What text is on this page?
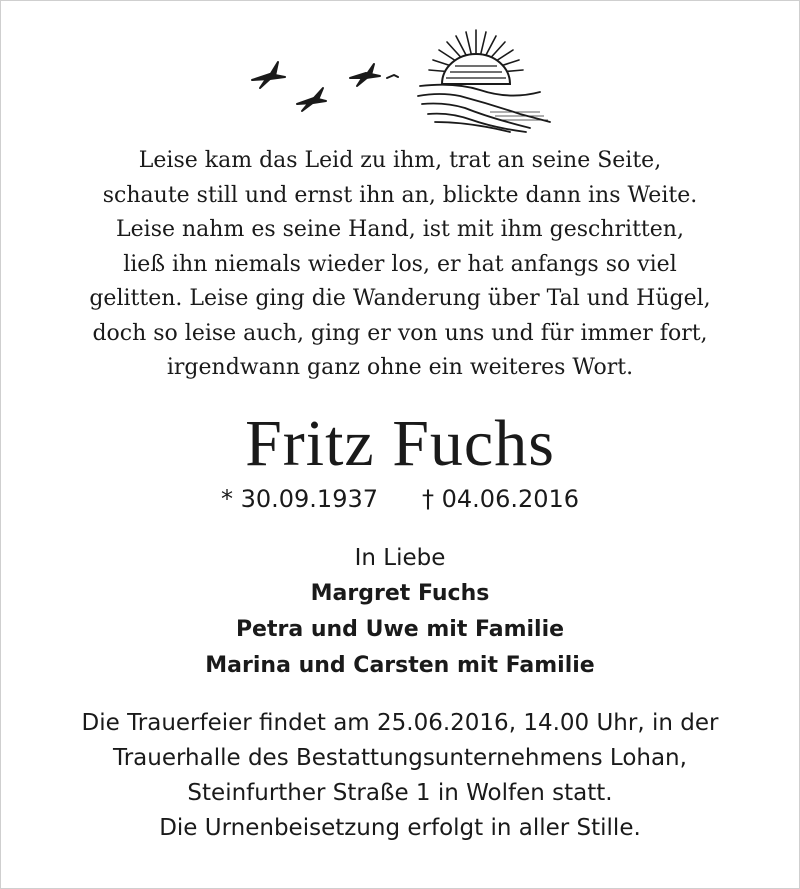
Leise kam das Leid zu ihm, trat an seine Seite,
schaute still und ernst ihn an, blickte dann ins Weite.
Leise nahm es seine Hand, ist mit ihm geschritten,
ließ ihn niemals wieder los, er hat anfangs so viel
gelitten. Leise ging die Wanderung über Tal und Hügel,
doch so leise auch, ging er von uns und für immer fort,
irgendwann ganz ohne ein weiteres Wort.
Fritz Fuchs
* 30.09.1937 † 04.06.2016
In Liebe
Margret Fuchs
Petra und Uwe mit Familie
Marina und Carsten mit Familie
Die Trauerfeier findet am 25.06.2016, 14.00 Uhr, in der
Trauerhalle des Bestattungsunternehmens Lohan,
Steinfurther Straße 1 in Wolfen statt.
Die Urnenbeisetzung erfolgt in aller Stille.
